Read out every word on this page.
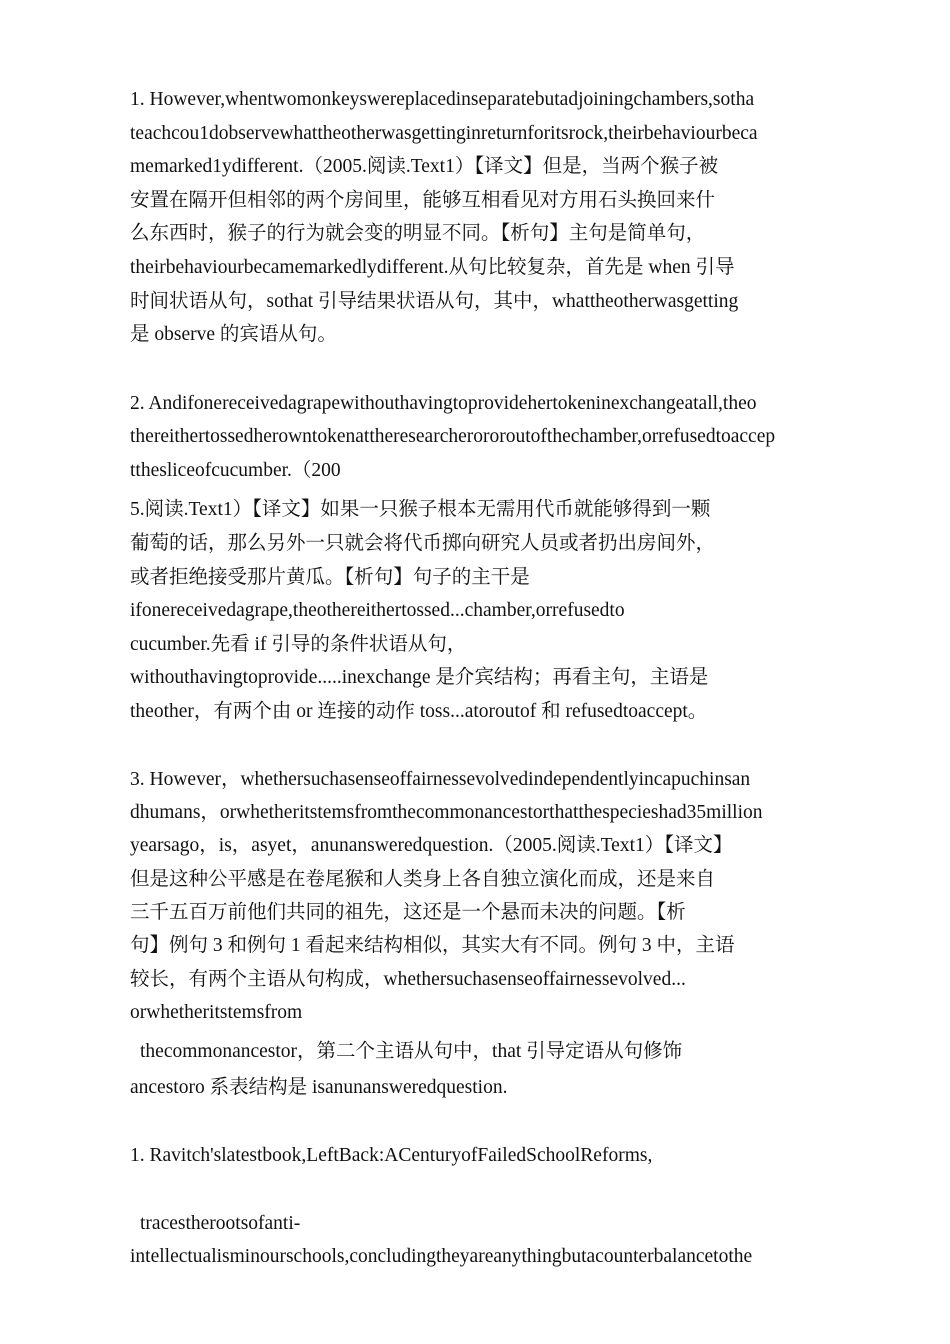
1. However,whentwomonkeyswereplacedinseparatebutadjoiningchambers,sotha
teachcou1dobservewhattheotherwasgettinginreturnforitsrock,theirbehaviourbeca
memarked1ydifferent.（2005.阅读.Text1）【译文】但是，当两个猴子被
安置在隔开但相邻的两个房间里，能够互相看见对方用石头换回来什
么东西时，猴子的行为就会变的明显不同。【析句】主句是简单句，
theirbehaviourbecamemarkedlydifferent.从句比较复杂，首先是 when 引导
时间状语从句，sothat 引导结果状语从句，其中，whattheotherwasgetting
是 observe 的宾语从句。
2. Andifonereceivedagrapewithouthavingtoprovidehertokeninexchangeatall,theo
thereithertossedherowntokenattheresearcherororoutofthechamber,orrefusedtoaccep
tthesliceofcucumber.（200
5.阅读.Text1）【译文】如果一只猴子根本无需用代币就能够得到一颗
葡萄的话，那么另外一只就会将代币掷向研究人员或者扔出房间外，
或者拒绝接受那片黄瓜。【析句】句子的主干是
ifonereceivedagrape,theothereithertossed...chamber,orrefusedto
cucumber.先看 if 引导的条件状语从句，
withouthavingtoprovide.....inexchange 是介宾结构；再看主句，主语是
theother，有两个由 or 连接的动作 toss...atoroutof 和 refusedtoaccept。
3. However，whethersuchasenseoffairnessevolvedindependentlyincapuchinsan
dhumans，orwhetheritstemsfromthecommonancestorthatthespecieshad35million
yearsago，is，asyet，anunansweredquestion.（2005.阅读.Text1）【译文】
但是这种公平感是在卷尾猴和人类身上各自独立演化而成，还是来自
三千五百万前他们共同的祖先，这还是一个悬而未决的问题。【析
句】例句 3 和例句 1 看起来结构相似，其实大有不同。例句 3 中，主语
较长，有两个主语从句构成，whethersuchasenseoffairnessevolved...
orwhetheritstemsfrom
thecommonancestor，第二个主语从句中，that 引导定语从句修饰
ancestorо 系表结构是 isanunansweredquestion.
1. Ravitch'slatestbook,LeftBack:ACenturyofFailedSchoolReforms,
tracestherootsofanti-
intellectualisminourschools,concludingtheyareanythingbutacounterbalancetothe
